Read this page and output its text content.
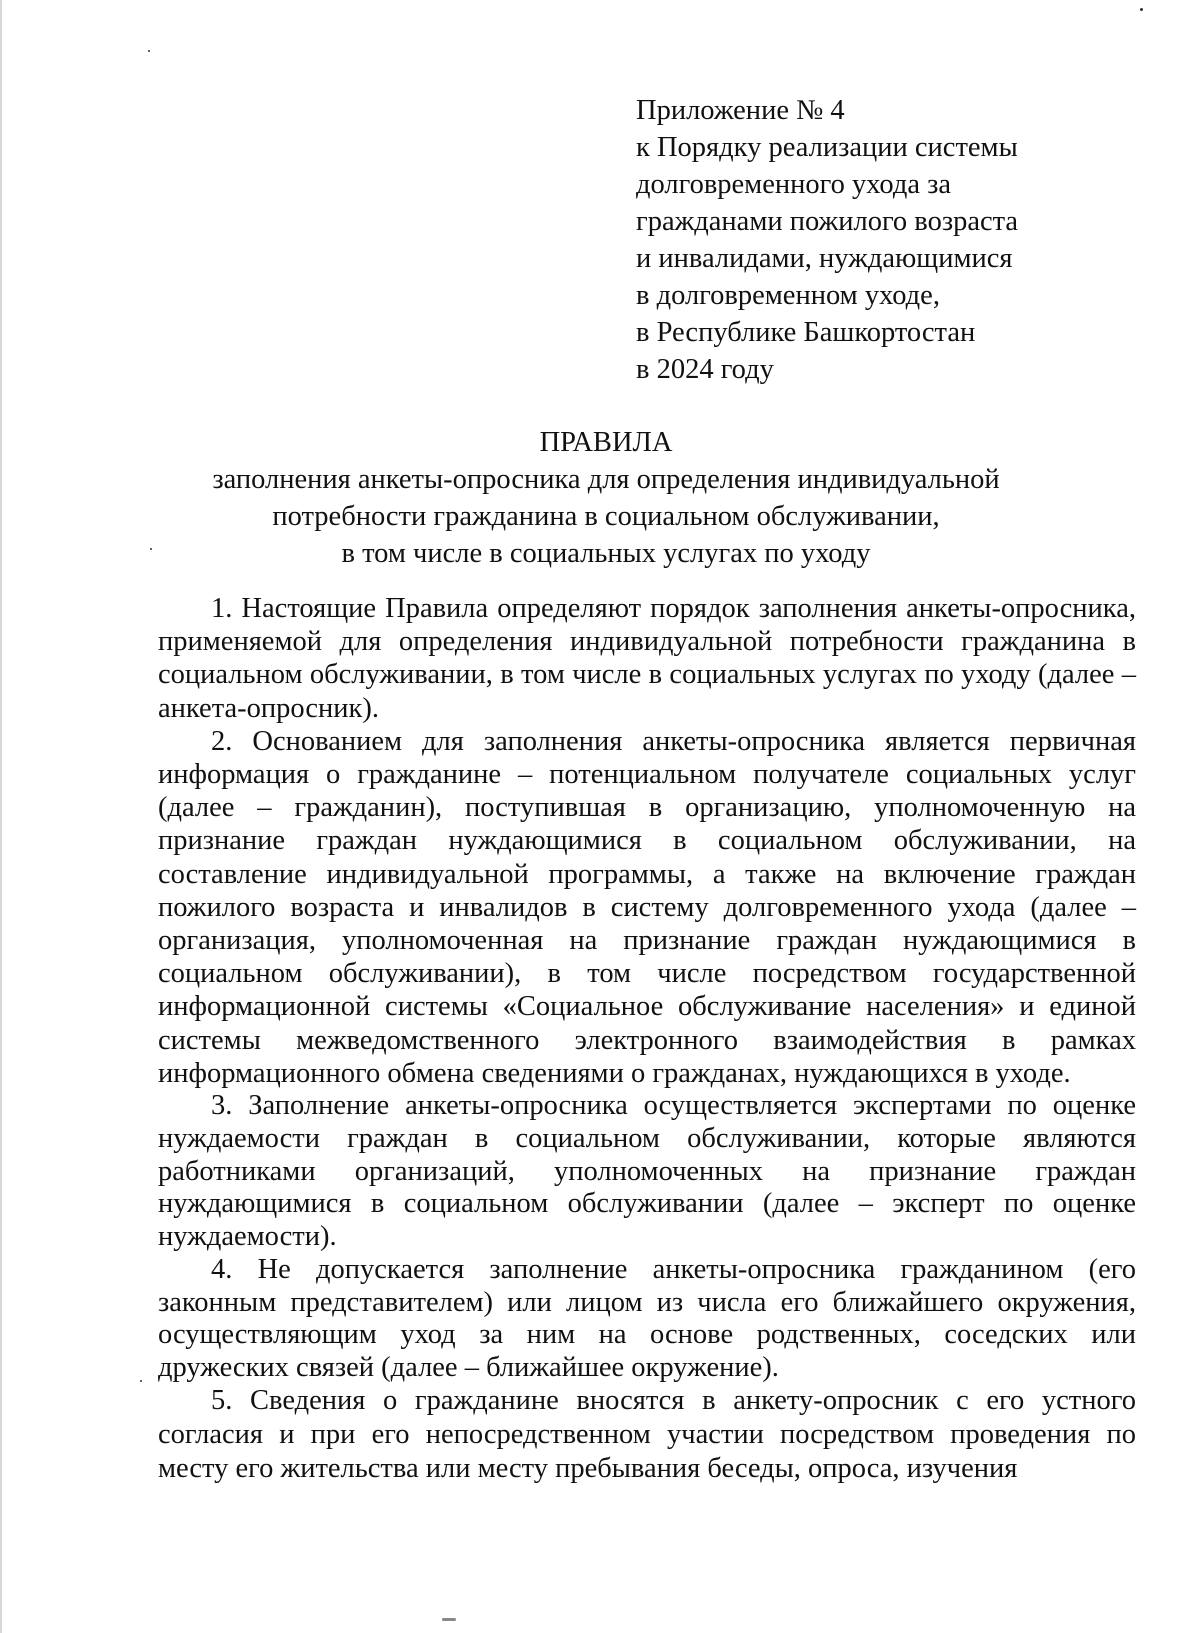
Приложение № 4
к Порядку реализации системы
долговременного ухода за
гражданами пожилого возраста
и инвалидами, нуждающимися
в долговременном уходе,
в Республике Башкортостан
в 2024 году
ПРАВИЛА
заполнения анкеты-опросника для определения индивидуальной
потребности гражданина в социальном обслуживании,
в том числе в социальных услугах по уходу

1. Настоящие Правила определяют порядок заполнения анкеты-опросника, применяемой для определения индивидуальной потребности гражданина в социальном обслуживании, в том числе в социальных услугах по уходу (далее – анкета-опросник).

2. Основанием для заполнения анкеты-опросника является первичная информация о гражданине – потенциальном получателе социальных услуг (далее – гражданин), поступившая в организацию, уполномоченную на признание граждан нуждающимися в социальном обслуживании, на составление индивидуальной программы, а также на включение граждан пожилого возраста и инвалидов в систему долговременного ухода (далее – организация, уполномоченная на признание граждан нуждающимися в социальном обслуживании), в том числе посредством государственной информационной системы «Социальное обслуживание населения» и единой системы межведомственного электронного взаимодействия в рамках информационного обмена сведениями о гражданах, нуждающихся в уходе.

3. Заполнение анкеты-опросника осуществляется экспертами по оценке нуждаемости граждан в социальном обслуживании, которые являются работниками организаций, уполномоченных на признание граждан нуждающимися в социальном обслуживании (далее – эксперт по оценке нуждаемости).

4. Не допускается заполнение анкеты-опросника гражданином (его законным представителем) или лицом из числа его ближайшего окружения, осуществляющим уход за ним на основе родственных, соседских или дружеских связей (далее – ближайшее окружение).

5. Сведения о гражданине вносятся в анкету-опросник с его устного согласия и при его непосредственном участии посредством проведения по месту его жительства или месту пребывания беседы, опроса, изучения
